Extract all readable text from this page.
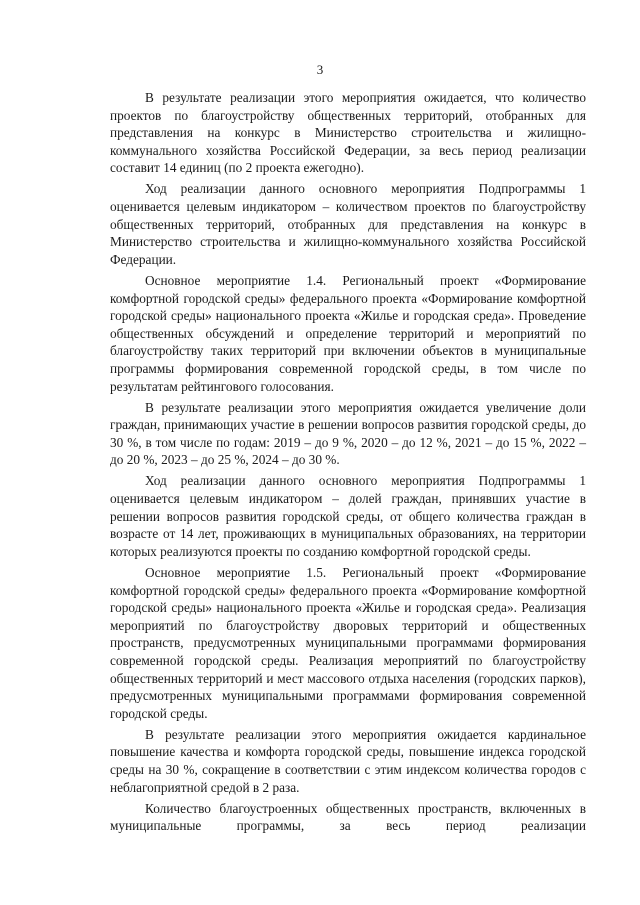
3

В результате реализации этого мероприятия ожидается, что количество проектов по благоустройству общественных территорий, отобранных для представления на конкурс в Министерство строительства и жилищно-коммунального хозяйства Российской Федерации, за весь период реализации составит 14 единиц (по 2 проекта ежегодно).

Ход реализации данного основного мероприятия Подпрограммы 1 оценивается целевым индикатором – количеством проектов по благоустройству общественных территорий, отобранных для представления на конкурс в Министерство строительства и жилищно-коммунального хозяйства Российской Федерации.

Основное мероприятие 1.4. Региональный проект «Формирование комфортной городской среды» федерального проекта «Формирование комфортной городской среды» национального проекта «Жилье и городская среда». Проведение общественных обсуждений и определение территорий и мероприятий по благоустройству таких территорий при включении объектов в муниципальные программы формирования современной городской среды, в том числе по результатам рейтингового голосования.

В результате реализации этого мероприятия ожидается увеличение доли граждан, принимающих участие в решении вопросов развития городской среды, до 30 %, в том числе по годам: 2019 – до 9 %, 2020 – до 12 %, 2021 – до 15 %, 2022 – до 20 %, 2023 – до 25 %, 2024 – до 30 %.

Ход реализации данного основного мероприятия Подпрограммы 1 оценивается целевым индикатором – долей граждан, принявших участие в решении вопросов развития городской среды, от общего количества граждан в возрасте от 14 лет, проживающих в муниципальных образованиях, на территории которых реализуются проекты по созданию комфортной городской среды.

Основное мероприятие 1.5. Региональный проект «Формирование комфортной городской среды» федерального проекта «Формирование комфортной городской среды» национального проекта «Жилье и городская среда». Реализация мероприятий по благоустройству дворовых территорий и общественных пространств, предусмотренных муниципальными программами формирования современной городской среды. Реализация мероприятий по благоустройству общественных территорий и мест массового отдыха населения (городских парков), предусмотренных муниципальными программами формирования современной городской среды.

В результате реализации этого мероприятия ожидается кардинальное повышение качества и комфорта городской среды, повышение индекса городской среды на 30 %, сокращение в соответствии с этим индексом количества городов с неблагоприятной средой в 2 раза.

Количество благоустроенных общественных пространств, включенных в муниципальные программы, за весь период реализации
